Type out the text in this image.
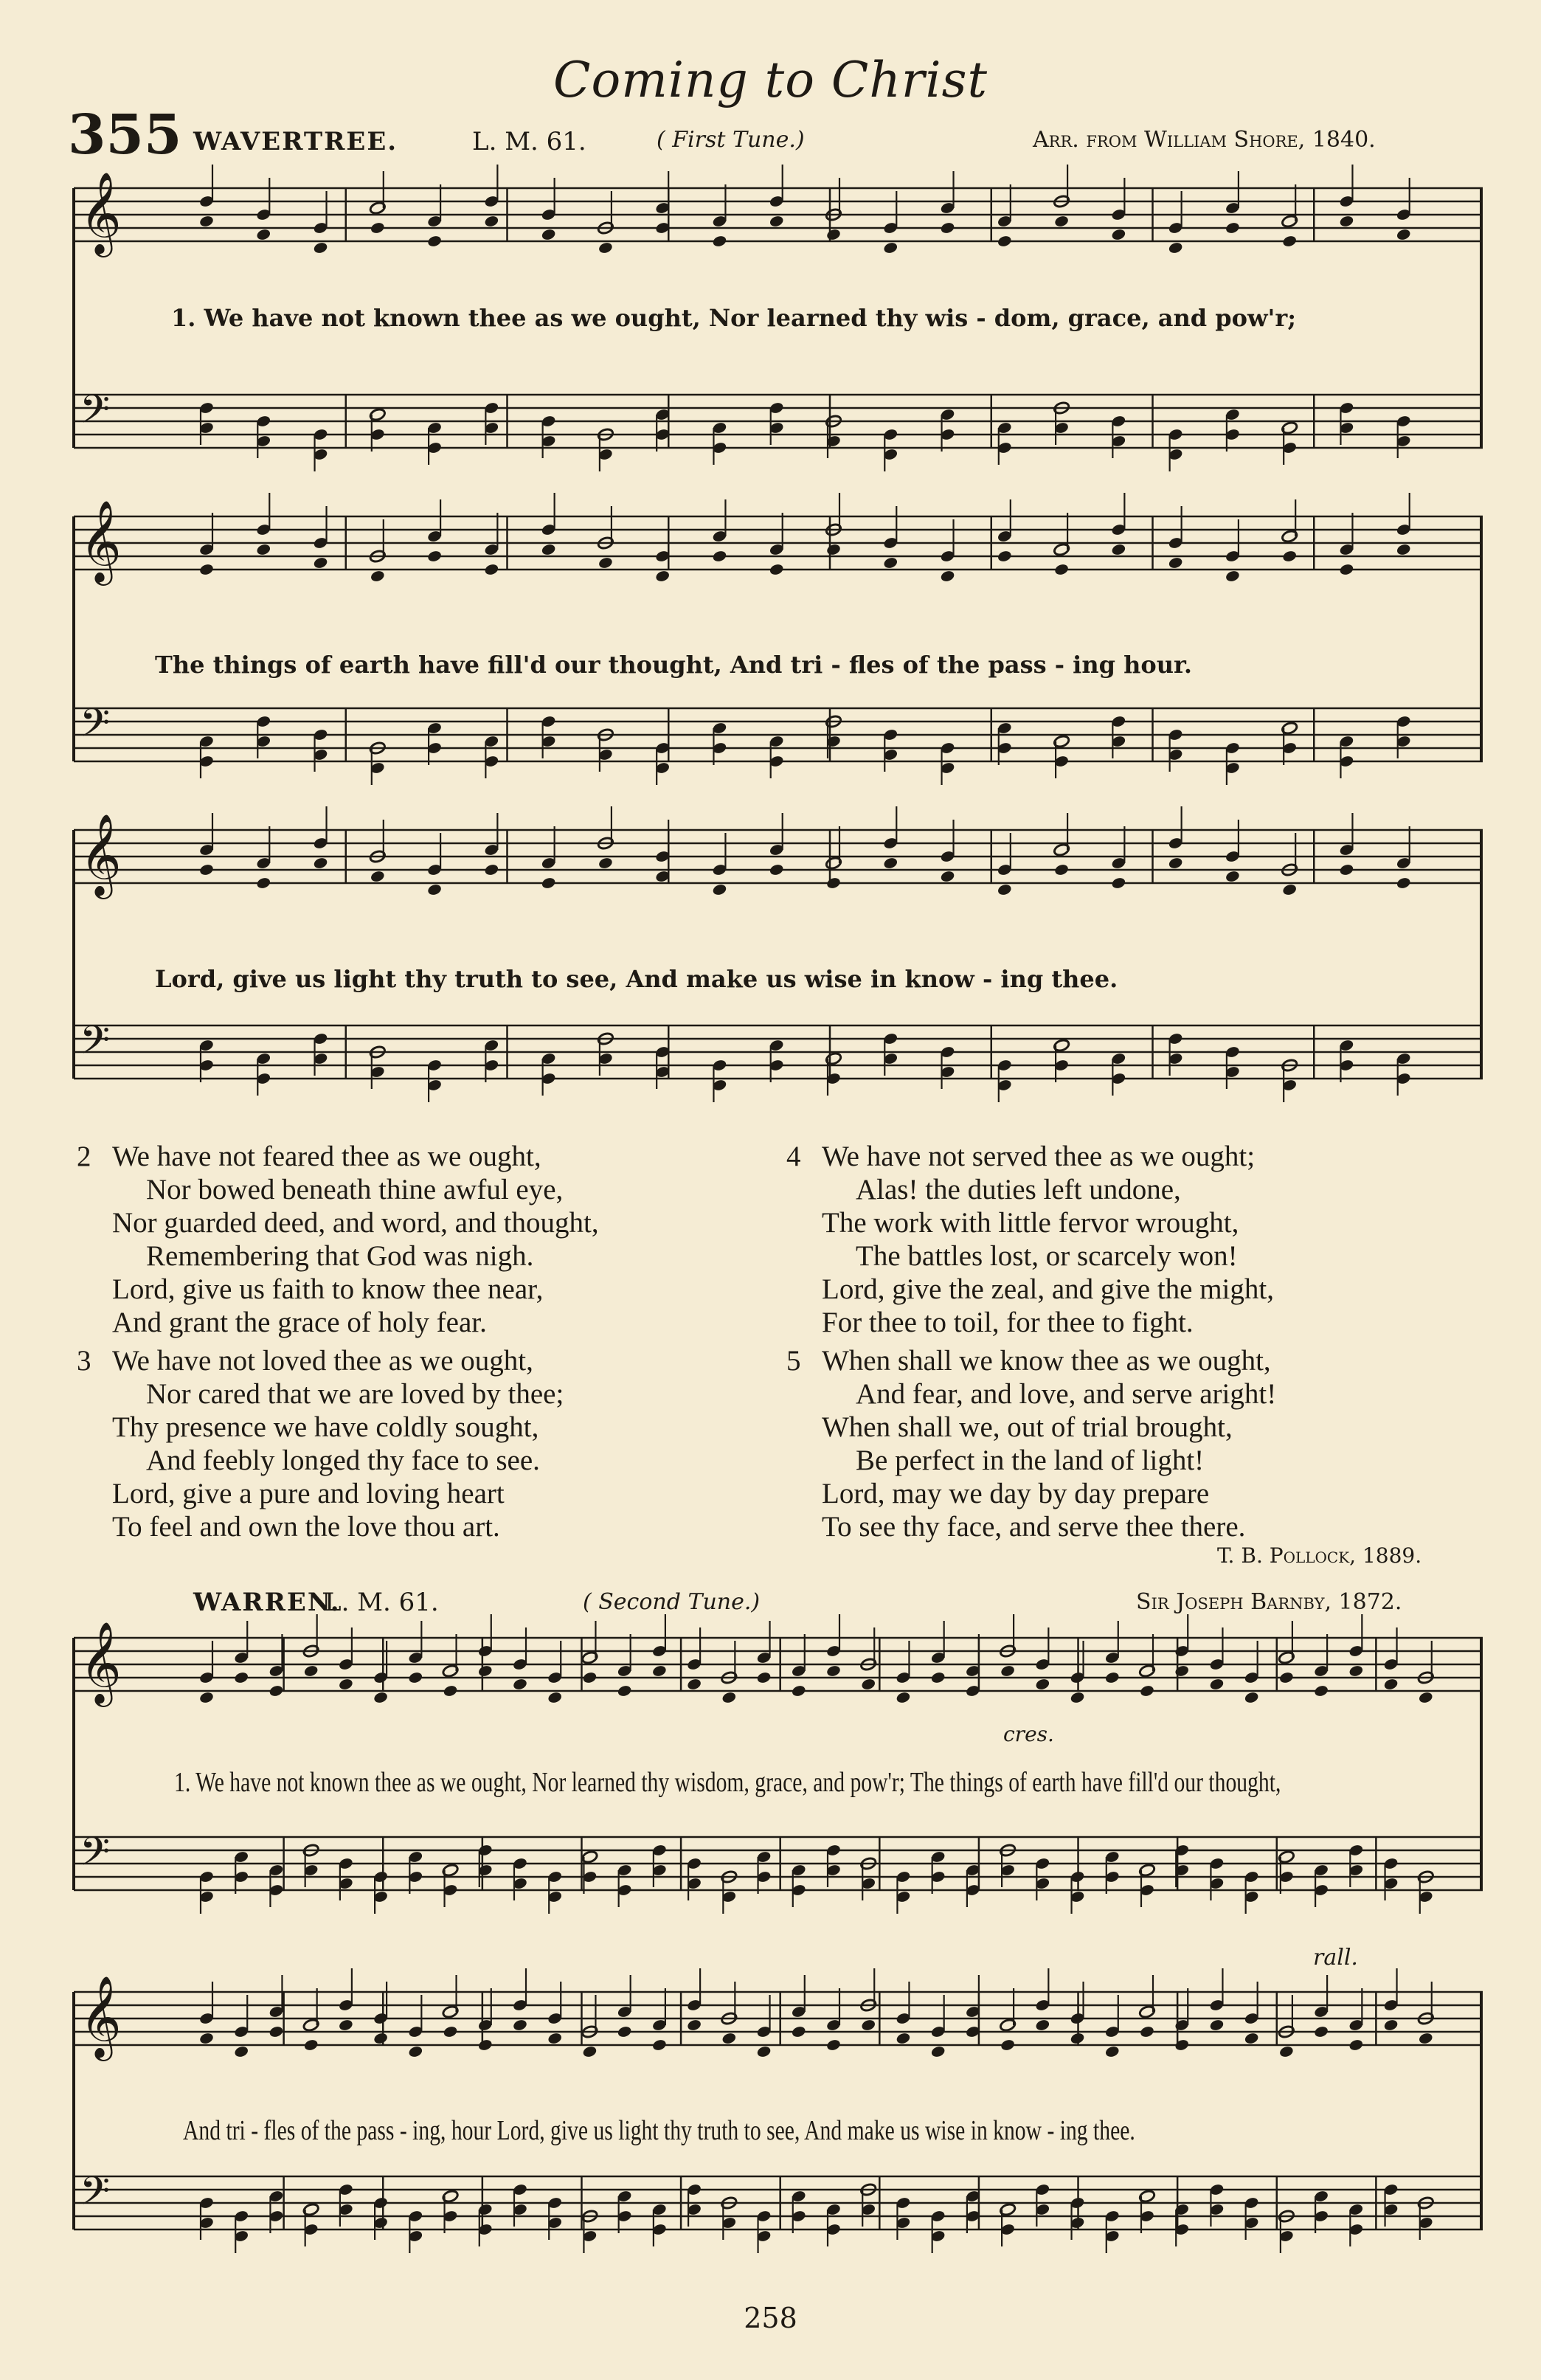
Coming to Christ
355 WAVERTREE.	L. M. 61.	( First Tune.)	Arr. from William Shore, 1840.
𝄞
𝄢
𝄞
𝄢
𝄞
𝄢
𝄞
𝄢
𝄞
𝄢
1. We have not known thee as we ought, Nor learned thy wis - dom, grace, and pow'r;
The things of earth have fill'd our thought, And tri - fles of the pass - ing hour.
Lord, give us light thy truth to see, And make us wise in know - ing thee.
2 We have not feared thee as we ought,
Nor bowed beneath thine awful eye,
Nor guarded deed, and word, and thought,
Remembering that God was nigh.
Lord, give us faith to know thee near,
And grant the grace of holy fear.
3 We have not loved thee as we ought,
Nor cared that we are loved by thee;
Thy presence we have coldly sought,
And feebly longed thy face to see.
Lord, give a pure and loving heart
To feel and own the love thou art.
4 We have not served thee as we ought;
Alas! the duties left undone,
The work with little fervor wrought,
The battles lost, or scarcely won!
Lord, give the zeal, and give the might,
For thee to toil, for thee to fight.
5 When shall we know thee as we ought,
And fear, and love, and serve aright!
When shall we, out of trial brought,
Be perfect in the land of light!
Lord, may we day by day prepare
To see thy face, and serve thee there.
T. B. Pollock, 1889.
WARREN.
L. M. 61.	( Second Tune.)	Sir Joseph Barnby, 1872.
cres.
rall.
1. We have not known thee as we ought, Nor learned thy wisdom, grace, and pow'r; The things of earth have fill'd our thought,
And tri - fles of the pass - ing, hour Lord, give us light thy truth to see, And make us wise in know - ing thee.
258
